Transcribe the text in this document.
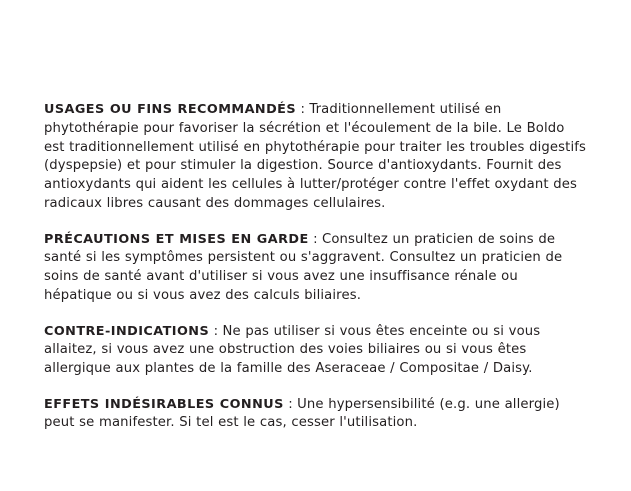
USAGES OU FINS RECOMMANDÉS : Traditionnellement utilisé en phytothérapie pour favoriser la sécrétion et l'écoulement de la bile. Le Boldo est traditionnellement utilisé en phytothérapie pour traiter les troubles digestifs (dyspepsie) et pour stimuler la digestion. Source d'antioxydants. Fournit des antioxydants qui aident les cellules à lutter/protéger contre l'effet oxydant des radicaux libres causant des dommages cellulaires.

PRÉCAUTIONS ET MISES EN GARDE : Consultez un praticien de soins de santé si les symptômes persistent ou s'aggravent. Consultez un praticien de soins de santé avant d'utiliser si vous avez une insuffisance rénale ou hépatique ou si vous avez des calculs biliaires.

CONTRE-INDICATIONS : Ne pas utiliser si vous êtes enceinte ou si vous allaitez, si vous avez une obstruction des voies biliaires ou si vous êtes allergique aux plantes de la famille des Aseraceae / Compositae / Daisy.

EFFETS INDÉSIRABLES CONNUS : Une hypersensibilité (e.g. une allergie) peut se manifester. Si tel est le cas, cesser l'utilisation.
